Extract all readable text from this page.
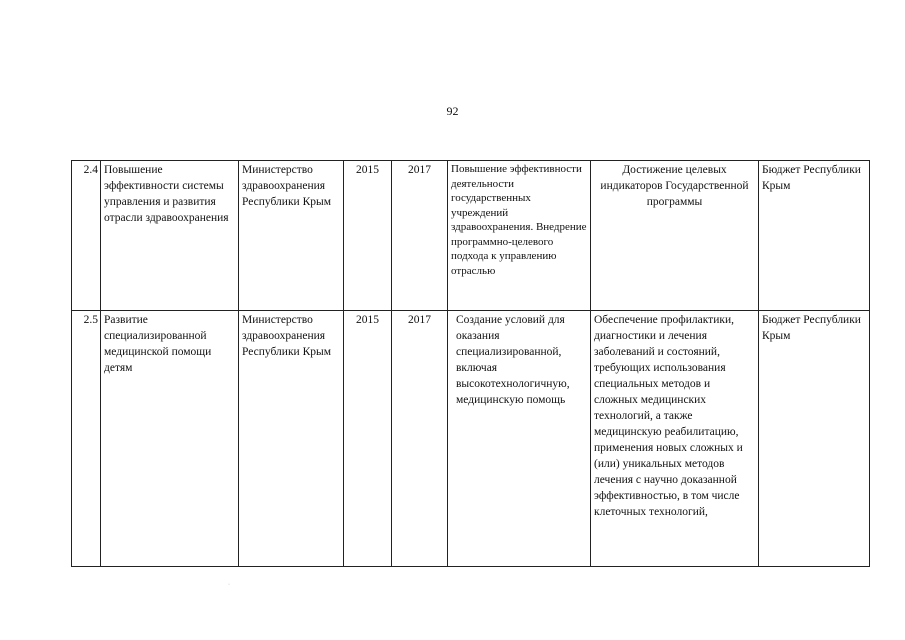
92
2.4	Повышение эффективности системы управления и развития отрасли здравоохранения	Министерство здравоохранения Республики Крым	2015	2017	Повышение эффективности деятельности государственных учреждений здравоохранения. Внедрение программно-целевого подхода к управлению отраслью	Достижение целевых индикаторов Государственной программы	Бюджет Республики Крым
2.5	Развитие специализированной медицинской помощи детям	Министерство здравоохранения Республики Крым	2015	2017	Создание условий для оказания специализированной, включая высокотехнологичную, медицинскую помощь	Обеспечение профилактики, диагностики и лечения заболеваний и состояний, требующих использования специальных методов и сложных медицинских технологий, а также медицинскую реабилитацию, применения новых сложных и (или) уникальных методов лечения с научно доказанной эффективностью, в том числе клеточных технологий,	Бюджет Республики Крым
·
